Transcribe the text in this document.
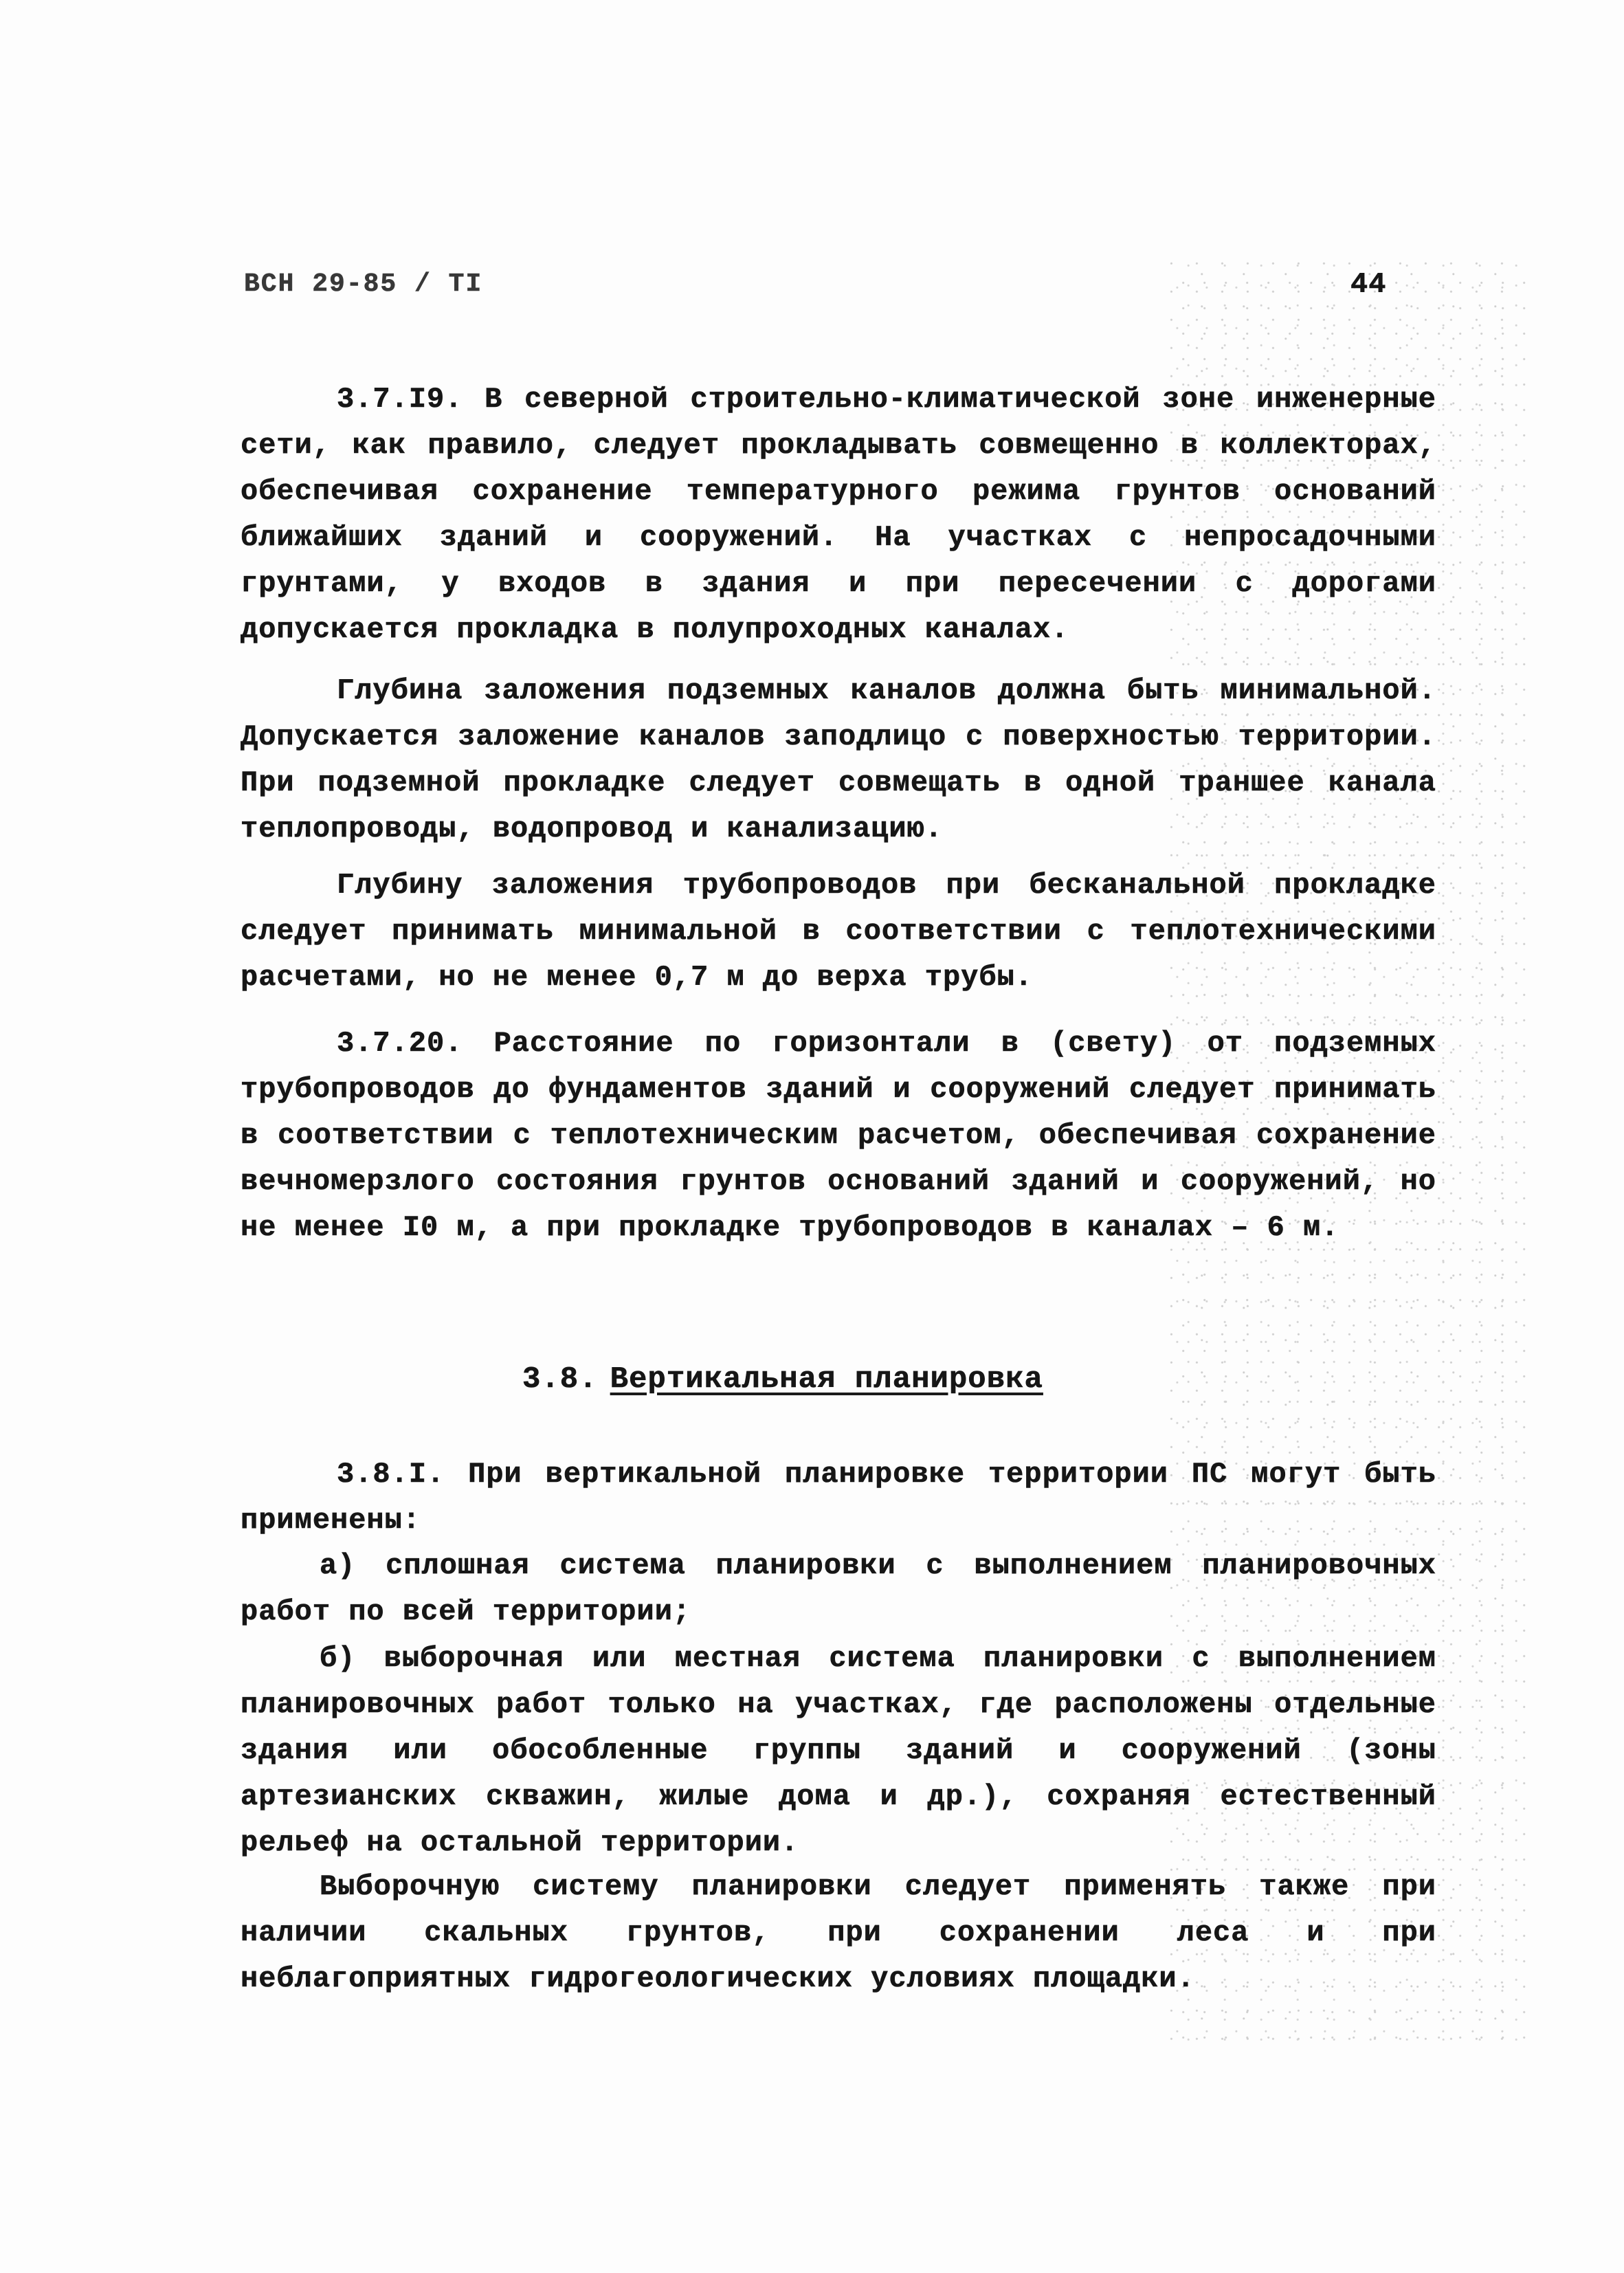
ВСН 29-85 / ТI	44

3.7.I9. В северной строительно-климатической зоне инженерные сети, как правило, следует прокладывать совмещенно в коллекторах, обеспечивая сохранение температурного режима грунтов оснований ближайших зданий и сооружений. На участках с непросадочными грунтами, у входов в здания и при пересечении с дорогами допускается прокладка в полупроходных каналах.

Глубина заложения подземных каналов должна быть минимальной. Допускается заложение каналов заподлицо с поверхностью территории. При подземной прокладке следует совмещать в одной траншее канала теплопроводы, водопровод и канализацию.

Глубину заложения трубопроводов при бесканальной прокладке следует принимать минимальной в соответствии с теплотехническими расчетами, но не менее 0,7 м до верха трубы.

3.7.20. Расстояние по горизонтали в (свету) от подземных трубопроводов до фундаментов зданий и сооружений следует принимать в соответствии с теплотехническим расчетом, обеспечивая сохранение вечномерзлого состояния грунтов оснований зданий и сооружений, но не менее I0 м, а при прокладке трубопроводов в каналах – 6 м.

3.8. Вертикальная планировка

3.8.I. При вертикальной планировке территории ПС могут быть применены:

а) сплошная система планировки с выполнением планировочных работ по всей территории;

б) выборочная или местная система планировки с выполнением планировочных работ только на участках, где расположены отдельные здания или обособленные группы зданий и сооружений (зоны артезианских скважин, жилые дома и др.), сохраняя естественный рельеф на остальной территории.

Выборочную систему планировки следует применять также при наличии скальных грунтов, при сохранении леса и при неблагоприятных гидрогеологических условиях площадки.
